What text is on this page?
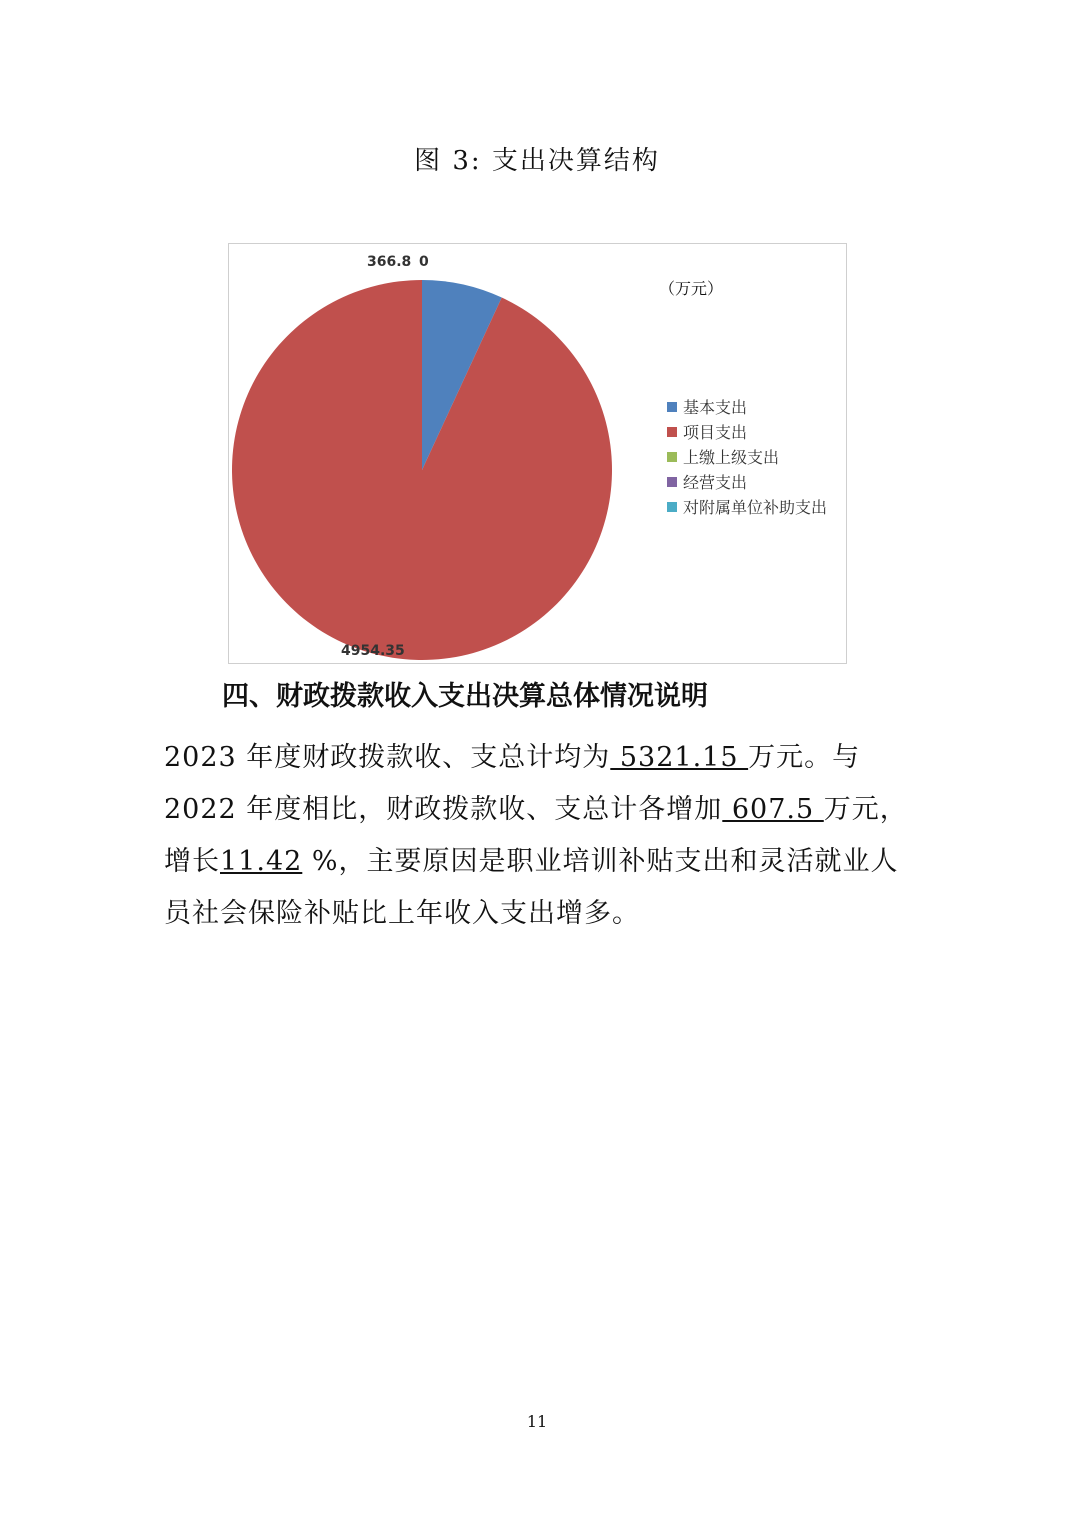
图 3: 支出决算结构
366.8
4954.35
0
（万元）
基本支出
项目支出
上缴上级支出
经营支出
对附属单位补助支出
四、财政拨款收入支出决算总体情况说明

2023 年度财政拨款收、支总计均为 5321.15 万元。与2022 年度相比，财政拨款收、支总计各增加 607.5 万元，增长11.42 %，主要原因是职业培训补贴支出和灵活就业人员社会保险补贴比上年收入支出增多。

11
